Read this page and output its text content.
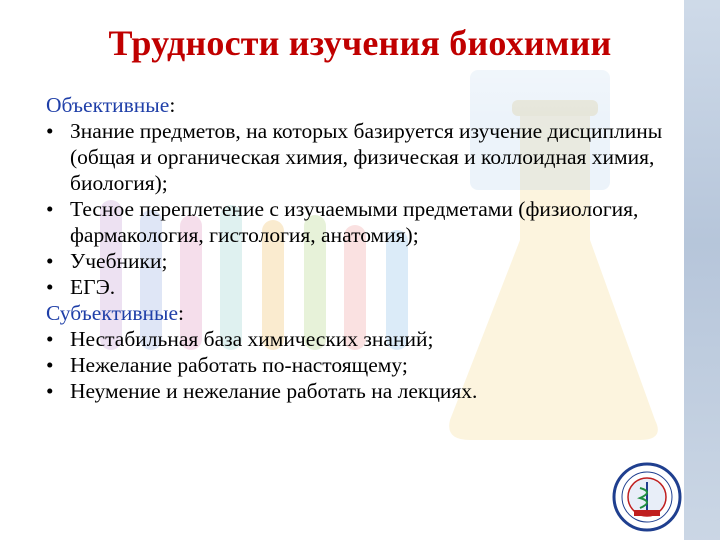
Трудности изучения биохимии
Объективные:
• Знание предметов, на которых базируется изучение дисциплины (общая и органическая химия, физическая и коллоидная химия, биология);
• Тесное переплетение с изучаемыми предметами (физиология, фармакология, гистология, анатомия);
• Учебники;
• ЕГЭ.
Субъективные:
• Нестабильная база химических знаний;
• Нежелание работать по-настоящему;
• Неумение и нежелание работать на лекциях.
